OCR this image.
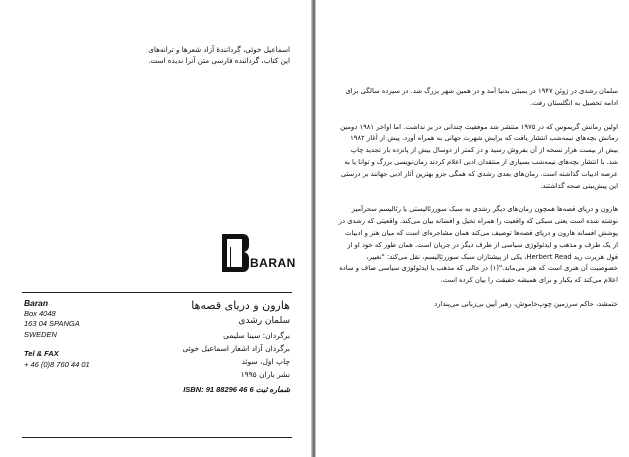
اسماعیل خوئی، گرداننده‌ٔ آزاد شعرها و ترانه‌های
این کتاب، گرداننده فارسی متن آنرا ندیده است.
BARAN
Baran
Box 4048
163 04 SPANGA
SWEDEN
Tel & FAX
+ 46 (0)8 760 44 01
هارون و دریای قصه‌ها
سلمان رشدی
برگردان: سینا سلیمی
برگردان آزاد اشعار اسماعیل خوئی
چاپ اول، سوئد
نشر باران ۱۹۹۵
ISBN: 91 88296 46 6 شماره ثبت

سلمان رشدی در ژوئن ۱۹۴۷ در بمبئی بدنیا آمد و در همین شهر بزرگ شد. در سیزده سالگی برای ادامه تحصیل به انگلستان رفت.

اولین رمانش گریموس که در ۱۹۷۵ منتشر شد موفقیت چندانی در بر نداشت. اما اواخر ۱۹۸۱ دومین رمانش بچه‌های نیمه‌شب انتشار یافت که برایش شهرت جهانی به همراه آورد. پیش از آغاز ۱۹۸۲ بیش از بیست هزار نسخه از آن بفروش رسید و در کمتر از دوسال بیش از پانزده بار تجدید چاپ شد. با انتشار بچه‌های نیمه‌شب بسیاری از منتقدان ادبی اعلام کردند رمان‌نویسی بزرگ و توانا پا به عرصه ادبیات گذاشته است. رمان‌های بعدی رشدی که همگی جزو بهترین آثار ادبی جهانند بر درستی این پیش‌بینی صحه گذاشتند.

هارون و دریای قصه‌ها همچون رمان‌های دیگر رشدی به سبک سوررئالیستی یا رئالیسم سحرآمیز نوشته شده است یعنی سبکی که واقعیت را همراه تخیل و افسانه بیان می‌کند. واقعیتی که رشدی در پوشش افسانه هارون و دریای قصه‌ها توصیف می‌کند همان مشاجره‌ای است که میان هنر و ادبیات از یک طرف و مذهب و ایدئولوژی سیاسی از طرف دیگر در جریان است. همان طور که خود او از قول هربرت رید Herbert Read، یکی از پیشتازان سبک سوررئالیسم، نقل می‌کند: "نغییر، خصوصیت آن هنری است که هنر می‌ماند."(۱) در حالی که مذهب یا ایدئولوژی سیاسی صاف و ساده اعلام می‌کند که یکبار و برای همیشه حقیقت را بیان کرده است.

ختمشد، حاکم سرزمین چوپ‌خاموش، رهبر آیین بی‌زبانی می‌پندارد
